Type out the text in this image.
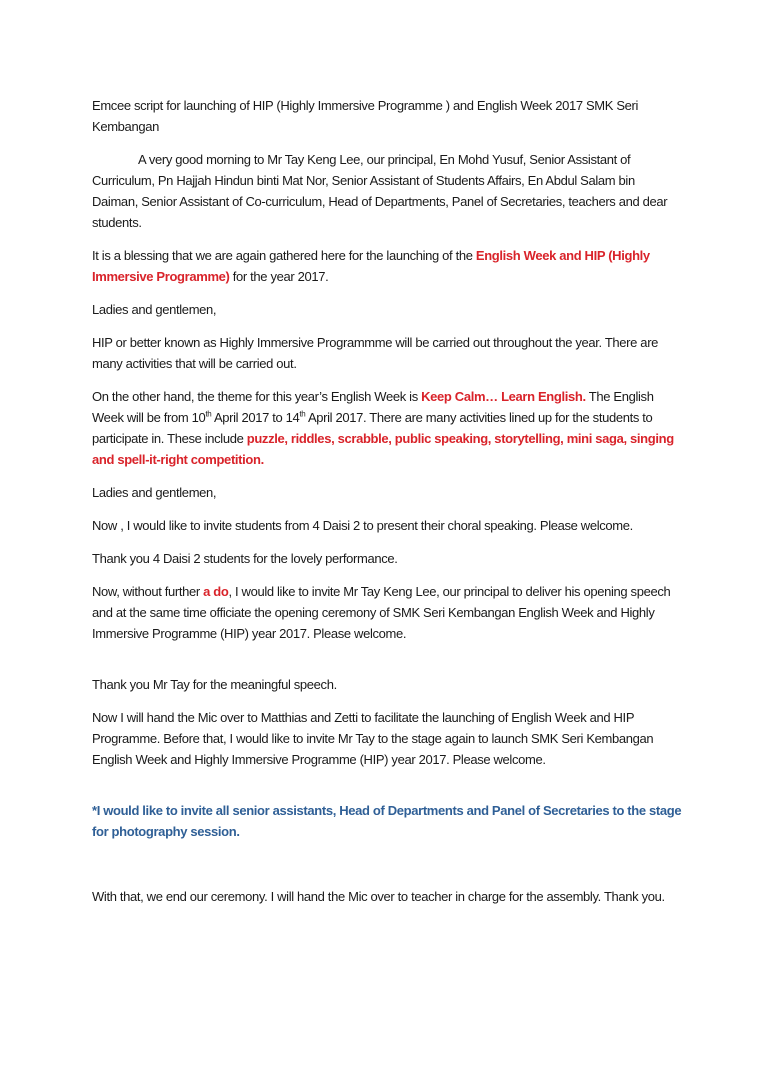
Emcee script for launching of HIP (Highly Immersive Programme ) and English Week 2017 SMK Seri Kembangan

A very good morning to Mr Tay Keng Lee, our principal, En Mohd Yusuf, Senior Assistant of Curriculum, Pn Hajjah Hindun binti Mat Nor, Senior Assistant of Students Affairs, En Abdul Salam bin Daiman, Senior Assistant of Co-curriculum, Head of Departments, Panel of Secretaries, teachers and dear students.

It is a blessing that we are again gathered here for the launching of the English Week and HIP (Highly Immersive Programme) for the year 2017.

Ladies and gentlemen,

HIP or better known as Highly Immersive Programmme will be carried out throughout the year. There are many activities that will be carried out.

On the other hand, the theme for this year’s English Week is Keep Calm… Learn English. The English Week will be from 10th April 2017 to 14th April 2017. There are many activities lined up for the students to participate in. These include puzzle, riddles, scrabble, public speaking, storytelling, mini saga, singing and spell-it-right competition.

Ladies and gentlemen,

Now , I would like to invite students from 4 Daisi 2 to present their choral speaking. Please welcome.

Thank you 4 Daisi 2 students for the lovely performance.

Now, without further a do, I would like to invite Mr Tay Keng Lee, our principal to deliver his opening speech and at the same time officiate the opening ceremony of SMK Seri Kembangan English Week and Highly Immersive Programme (HIP) year 2017. Please welcome.

Thank you Mr Tay for the meaningful speech.

Now I will hand the Mic over to Matthias and Zetti to facilitate the launching of English Week and HIP Programme. Before that, I would like to invite Mr Tay to the stage again to launch SMK Seri Kembangan English Week and Highly Immersive Programme (HIP) year 2017. Please welcome.

*I would like to invite all senior assistants, Head of Departments and Panel of Secretaries to the stage for photography session.

With that, we end our ceremony. I will hand the Mic over to teacher in charge for the assembly. Thank you.
